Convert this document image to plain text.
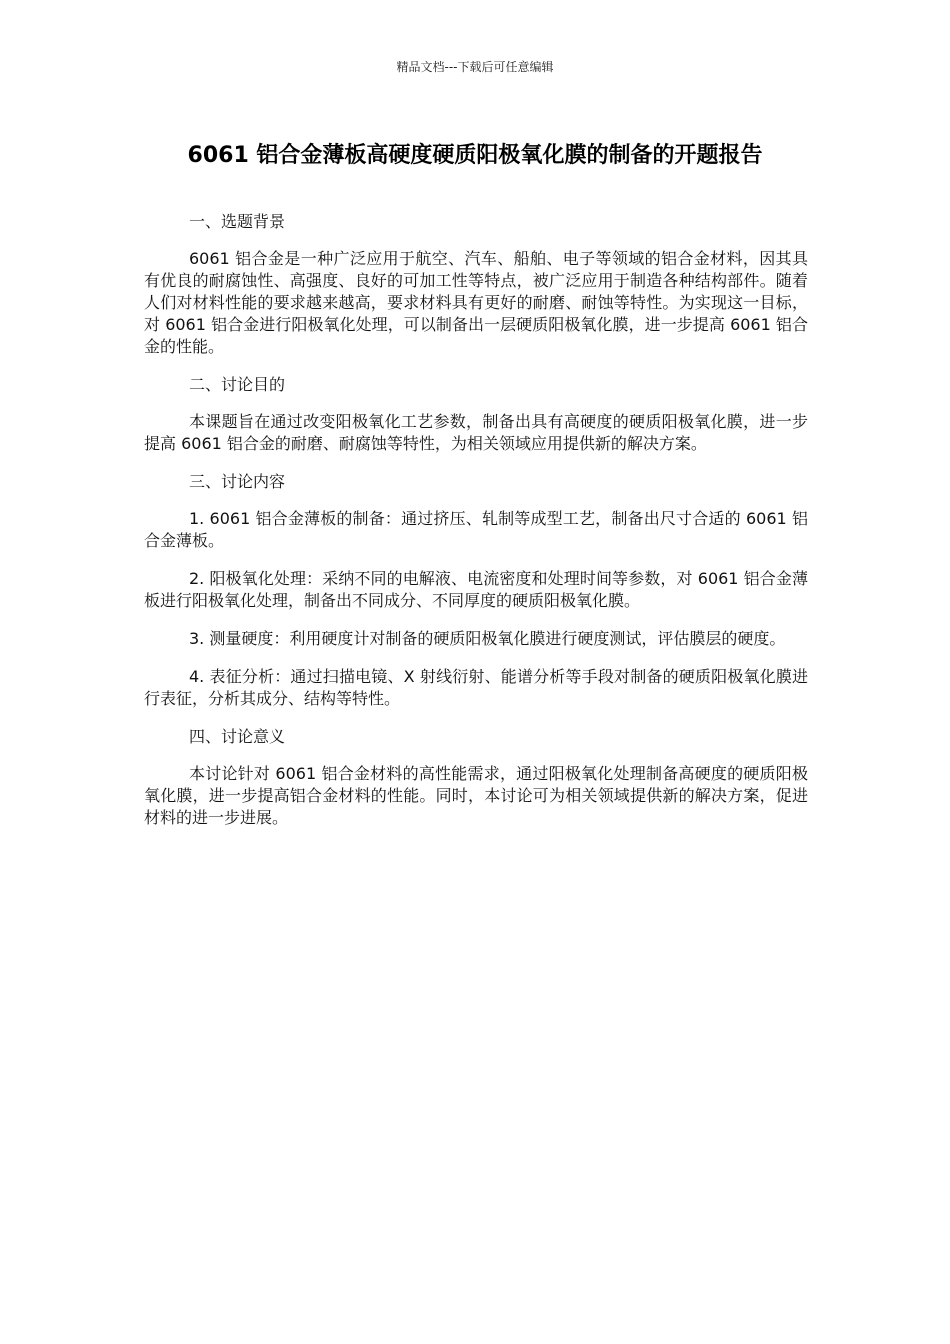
精品文档---下载后可任意编辑
6061 铝合金薄板高硬度硬质阳极氧化膜的制备的开题报告

一、选题背景

6061 铝合金是一种广泛应用于航空、汽车、船舶、电子等领域的铝合金材料，因其具有优良的耐腐蚀性、高强度、良好的可加工性等特点，被广泛应用于制造各种结构部件。随着人们对材料性能的要求越来越高，要求材料具有更好的耐磨、耐蚀等特性。为实现这一目标，对 6061 铝合金进行阳极氧化处理，可以制备出一层硬质阳极氧化膜，进一步提高 6061 铝合金的性能。

二、讨论目的

本课题旨在通过改变阳极氧化工艺参数，制备出具有高硬度的硬质阳极氧化膜，进一步提高 6061 铝合金的耐磨、耐腐蚀等特性，为相关领域应用提供新的解决方案。

三、讨论内容

1. 6061 铝合金薄板的制备：通过挤压、轧制等成型工艺，制备出尺寸合适的 6061 铝合金薄板。

2. 阳极氧化处理：采纳不同的电解液、电流密度和处理时间等参数，对 6061 铝合金薄板进行阳极氧化处理，制备出不同成分、不同厚度的硬质阳极氧化膜。

3. 测量硬度：利用硬度计对制备的硬质阳极氧化膜进行硬度测试，评估膜层的硬度。

4. 表征分析：通过扫描电镜、X 射线衍射、能谱分析等手段对制备的硬质阳极氧化膜进行表征，分析其成分、结构等特性。

四、讨论意义

本讨论针对 6061 铝合金材料的高性能需求，通过阳极氧化处理制备高硬度的硬质阳极氧化膜，进一步提高铝合金材料的性能。同时，本讨论可为相关领域提供新的解决方案，促进材料的进一步进展。
